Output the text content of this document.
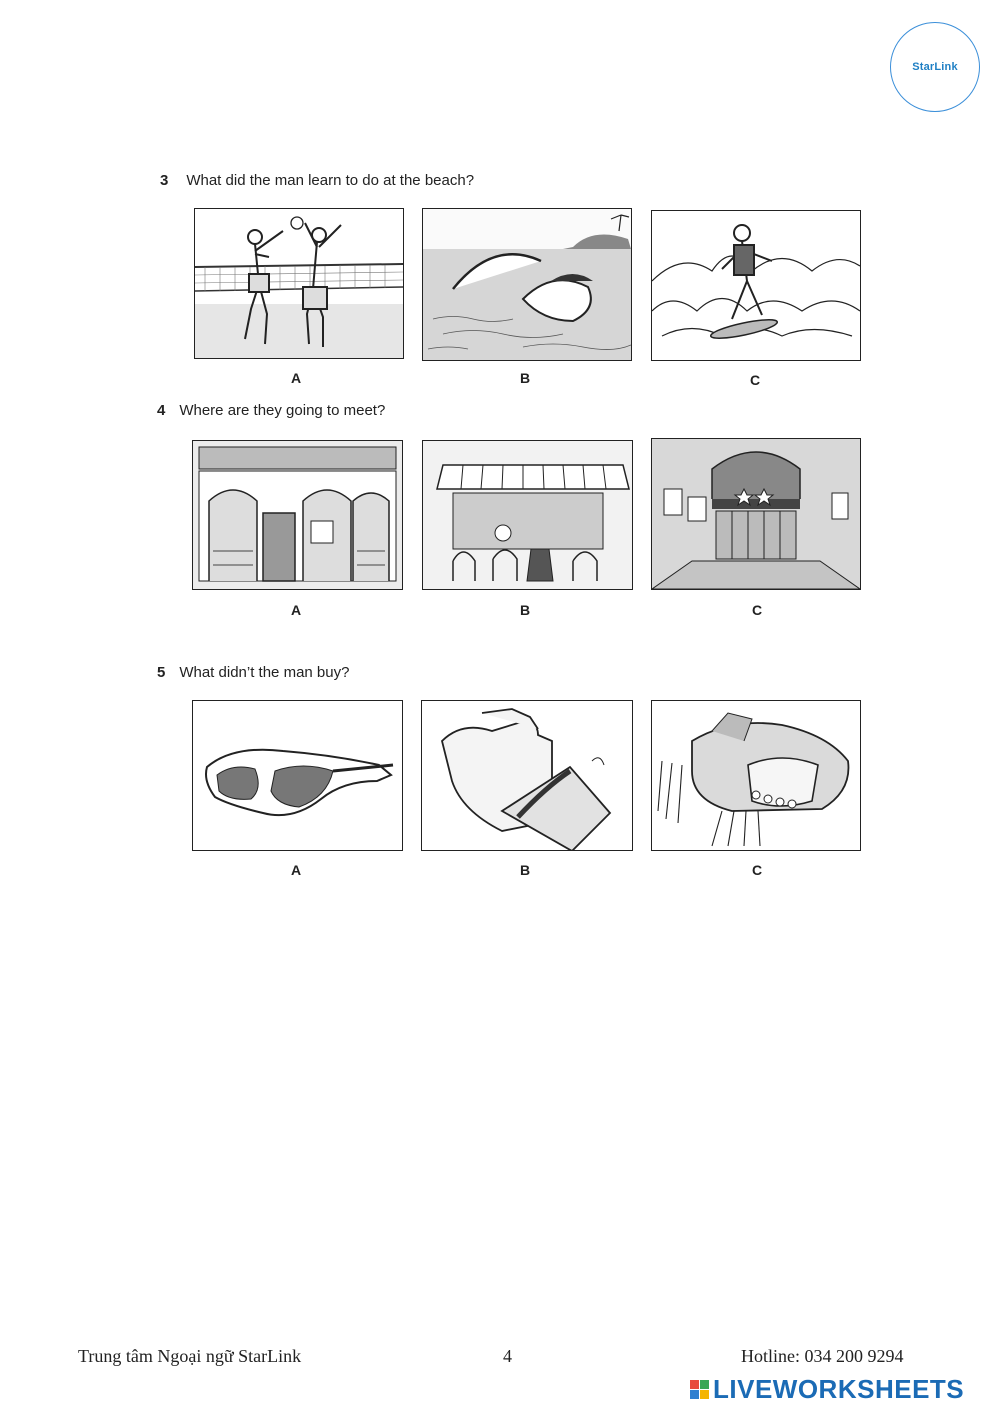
StarLink
3 What did the man learn to do at the beach?
A	B	C
4 Where are they going to meet?
A	B	C
5 What didn’t the man buy?
A	B	C
Trung tâm Ngoại ngữ StarLink	4	Hotline: 034 200 9294
LIVEWORKSHEETS
